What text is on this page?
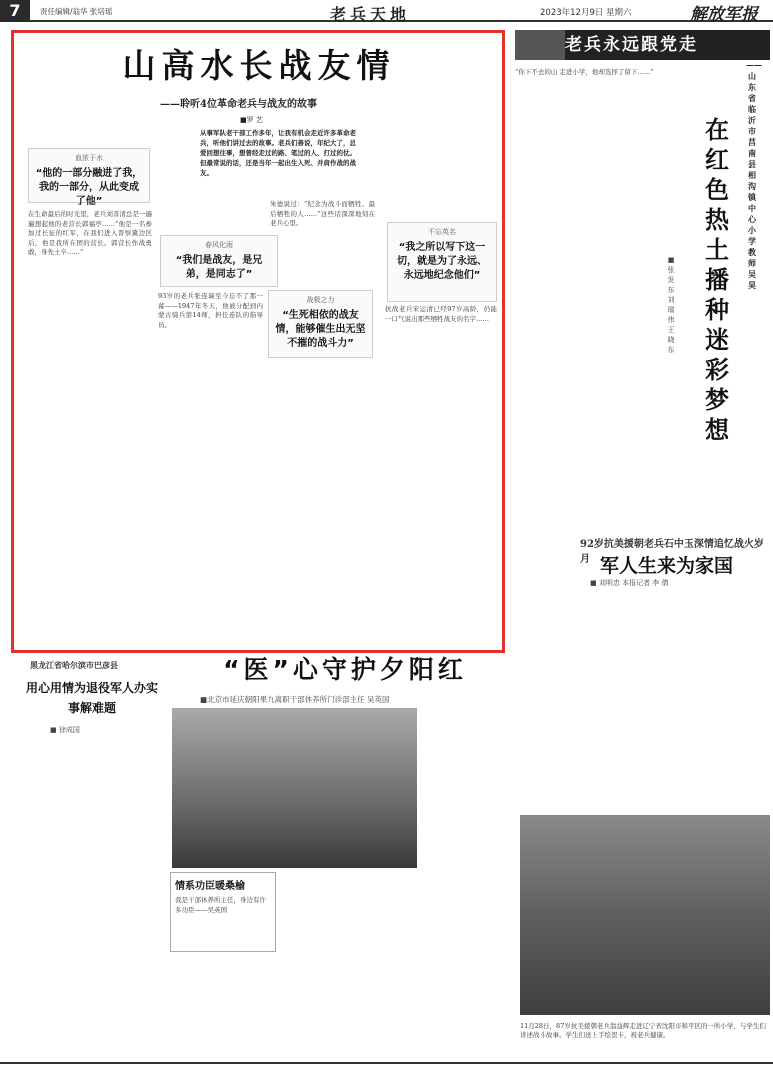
7	责任编辑/翁华 张培瑶	老兵天地	2023年12月9日 星期六	解放军报
山高水长战友情
——聆听4位革命老兵与战友的故事
■罗 艺
从事军队老干部工作多年，让我有机会走近许多革命老兵，听他们讲过去的故事。老兵们善说，年纪大了，总爱回想往事，想曾经走过的路、笔过的人、打过的仗。但最常说的话，还是当年一起出生入死、并肩作战的战友。
血浓于水
“他的一部分融进了我，我的一部分，从此变成了他”
春风化雨
“我们是战友，是兄弟，是同志了”
不忘英名
“我之所以写下这一切，就是为了永远、永远地纪念他们”
战极之力
“生死相依的战友情，能够催生出无坚不摧的战斗力”
在生命最后的时光里，老兵刘善清总是一遍遍想起他的老营长郭福亭……“他是一名参加过长征的红军，在我们进入晋察冀边区后，他是我所在团的营长。郭营长作战勇敢，身先士卒……”
93岁的老兵张连瑞至今忘不了那一幕——1947年冬天，他被分配到内蒙古骑兵第14师，担任连队的指导员。
朱德说过：“纪念为战斗而牺牲、最后牺牲的人……”这些话深深地刻在老兵心里。
抗战老兵宋运清已经97岁高龄，仍能一口气说出那些牺牲战友的名字……
老兵永远跟党走
在红色热土播种迷彩梦想
——山东省临沂市莒南县相沟镇中心小学教师吴昊
■ 张发东 刘瑞伟 王晓东
“你下不去的山 走进小学，他却选择了留下……”
92岁抗美援朝老兵石中玉深情追忆战火岁月 军人生来为家国
■ 刘明忠 本报记者 李 倩
11月28日，87岁抗美援朝老兵翁益辉走进辽宁省沈阳市和平区的一所小学，与学生们讲述战斗故事。学生们送上手绘贺卡，祝老兵健康。
黑龙江省哈尔滨市巴彦县
用心用情为退役军人办实事解难题
■ 徐成国
“医”心守护夕阳红
■北京市延庆朝阳果九离职干部休养所门诊部主任 吴英国
情系功臣暖桑榆
我是干部休养所主任，身边有许多功臣——吴英国
